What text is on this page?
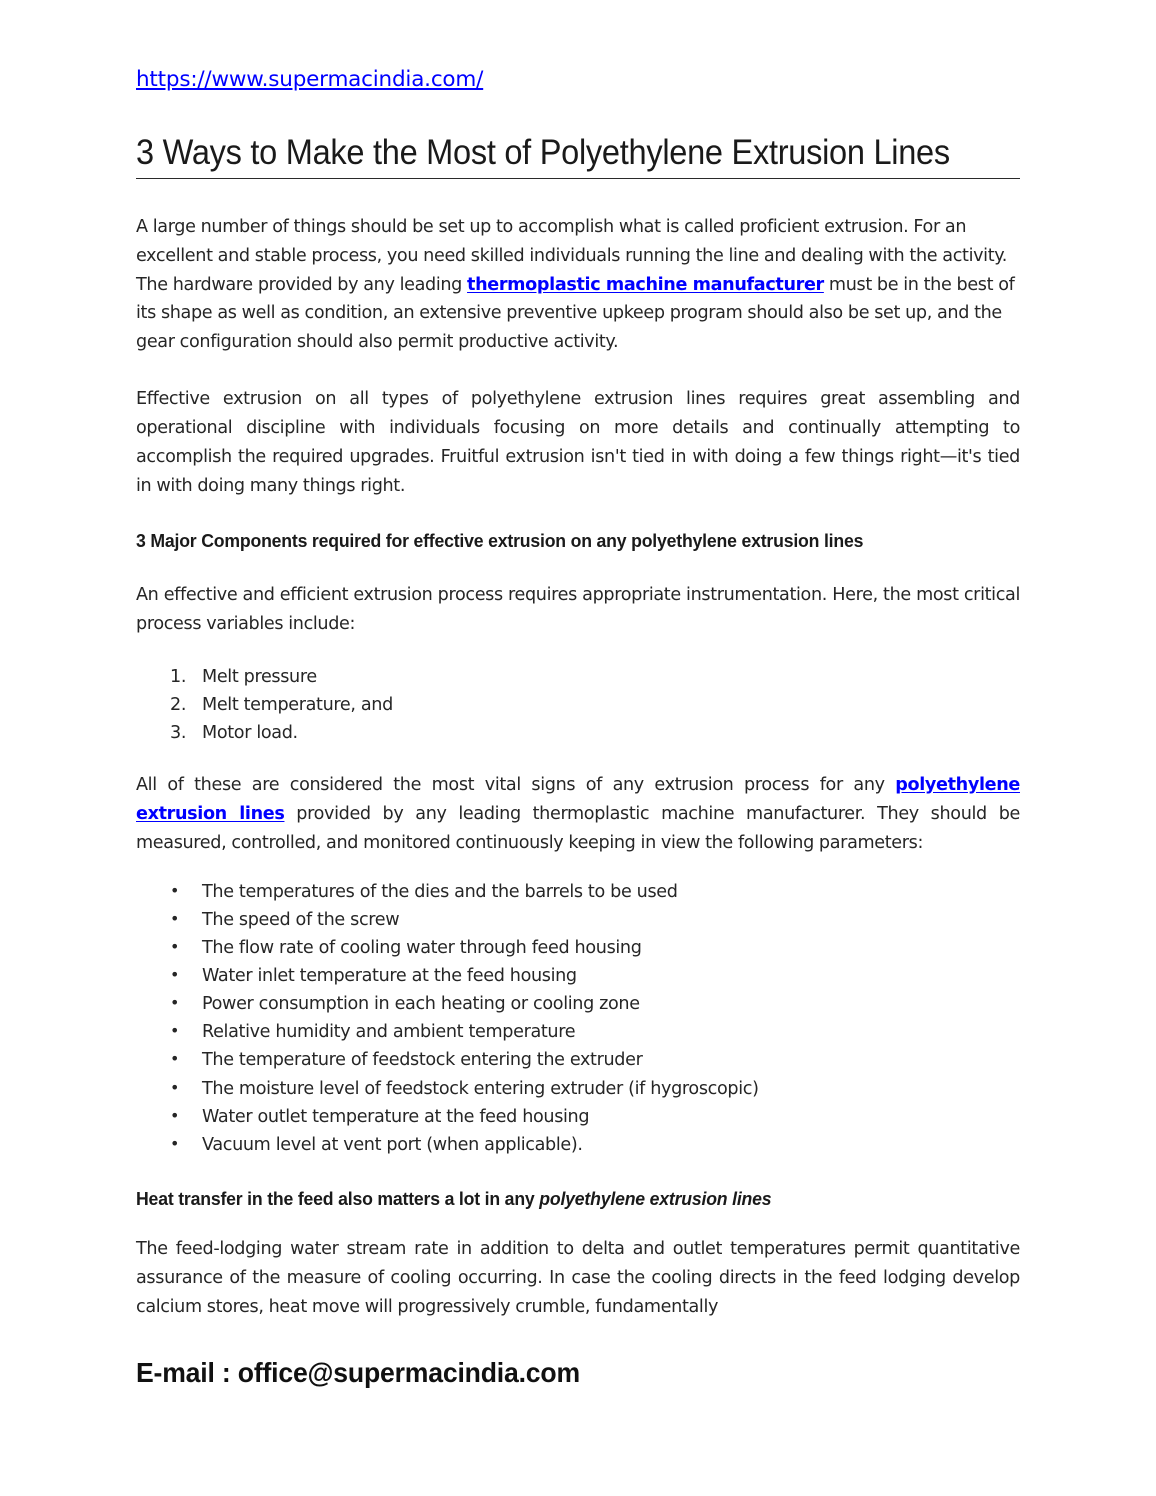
https://www.supermacindia.com/
3 Ways to Make the Most of Polyethylene Extrusion Lines

A large number of things should be set up to accomplish what is called proficient extrusion. For an excellent and stable process, you need skilled individuals running the line and dealing with the activity. The hardware provided by any leading thermoplastic machine manufacturer must be in the best of its shape as well as condition, an extensive preventive upkeep program should also be set up, and the gear configuration should also permit productive activity.

Effective extrusion on all types of polyethylene extrusion lines requires great assembling and operational discipline with individuals focusing on more details and continually attempting to accomplish the required upgrades. Fruitful extrusion isn't tied in with doing a few things right—it's tied in with doing many things right.

3 Major Components required for effective extrusion on any polyethylene extrusion lines

An effective and efficient extrusion process requires appropriate instrumentation. Here, the most critical process variables include:

1. Melt pressure
2. Melt temperature, and
3. Motor load.

All of these are considered the most vital signs of any extrusion process for any polyethylene extrusion lines provided by any leading thermoplastic machine manufacturer. They should be measured, controlled, and monitored continuously keeping in view the following parameters:

• The temperatures of the dies and the barrels to be used
• The speed of the screw
• The flow rate of cooling water through feed housing
• Water inlet temperature at the feed housing
• Power consumption in each heating or cooling zone
• Relative humidity and ambient temperature
• The temperature of feedstock entering the extruder
• The moisture level of feedstock entering extruder (if hygroscopic)
• Water outlet temperature at the feed housing
• Vacuum level at vent port (when applicable).

Heat transfer in the feed also matters a lot in any polyethylene extrusion lines

The feed-lodging water stream rate in addition to delta and outlet temperatures permit quantitative assurance of the measure of cooling occurring. In case the cooling directs in the feed lodging develop calcium stores, heat move will progressively crumble, fundamentally

E-mail : office@supermacindia.com
